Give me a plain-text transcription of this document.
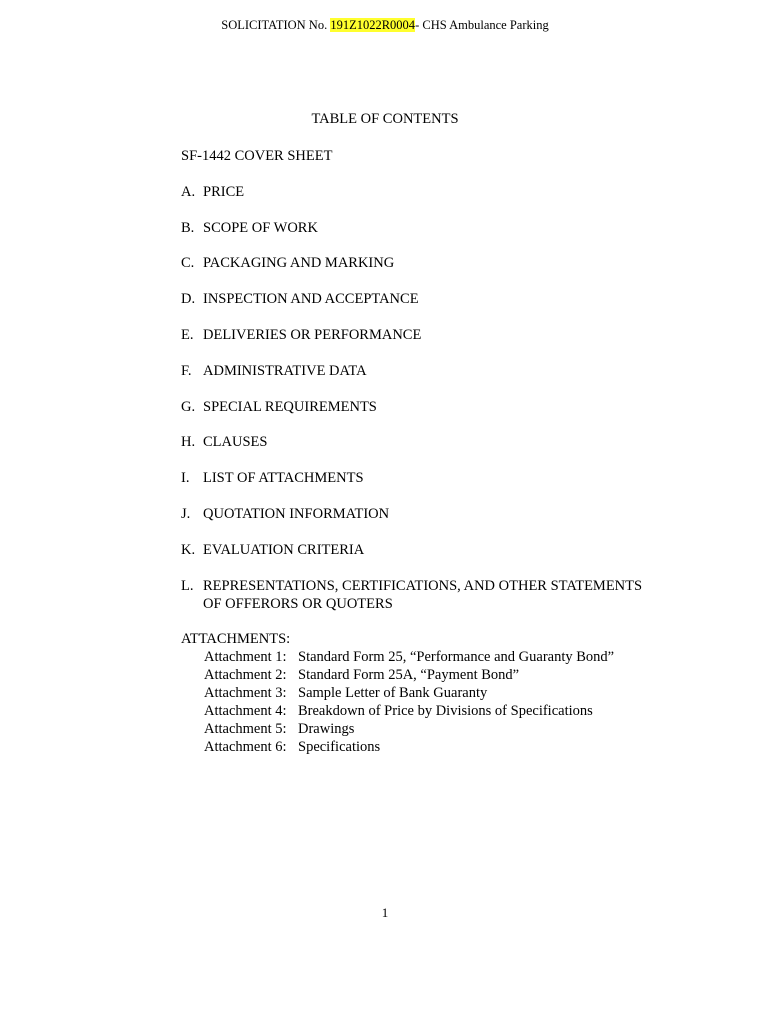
SOLICITATION No. 191Z1022R0004- CHS Ambulance Parking
TABLE OF CONTENTS
SF-1442 COVER SHEET
A. PRICE
B. SCOPE OF WORK
C. PACKAGING AND MARKING
D. INSPECTION AND ACCEPTANCE
E. DELIVERIES OR PERFORMANCE
F. ADMINISTRATIVE DATA
G. SPECIAL REQUIREMENTS
H. CLAUSES
I. LIST OF ATTACHMENTS
J. QUOTATION INFORMATION
K. EVALUATION CRITERIA
L. REPRESENTATIONS, CERTIFICATIONS, AND OTHER STATEMENTS
OF OFFERORS OR QUOTERS
ATTACHMENTS:
Attachment 1: Standard Form 25, “Performance and Guaranty Bond”
Attachment 2: Standard Form 25A, “Payment Bond”
Attachment 3: Sample Letter of Bank Guaranty
Attachment 4: Breakdown of Price by Divisions of Specifications
Attachment 5: Drawings
Attachment 6: Specifications
1
